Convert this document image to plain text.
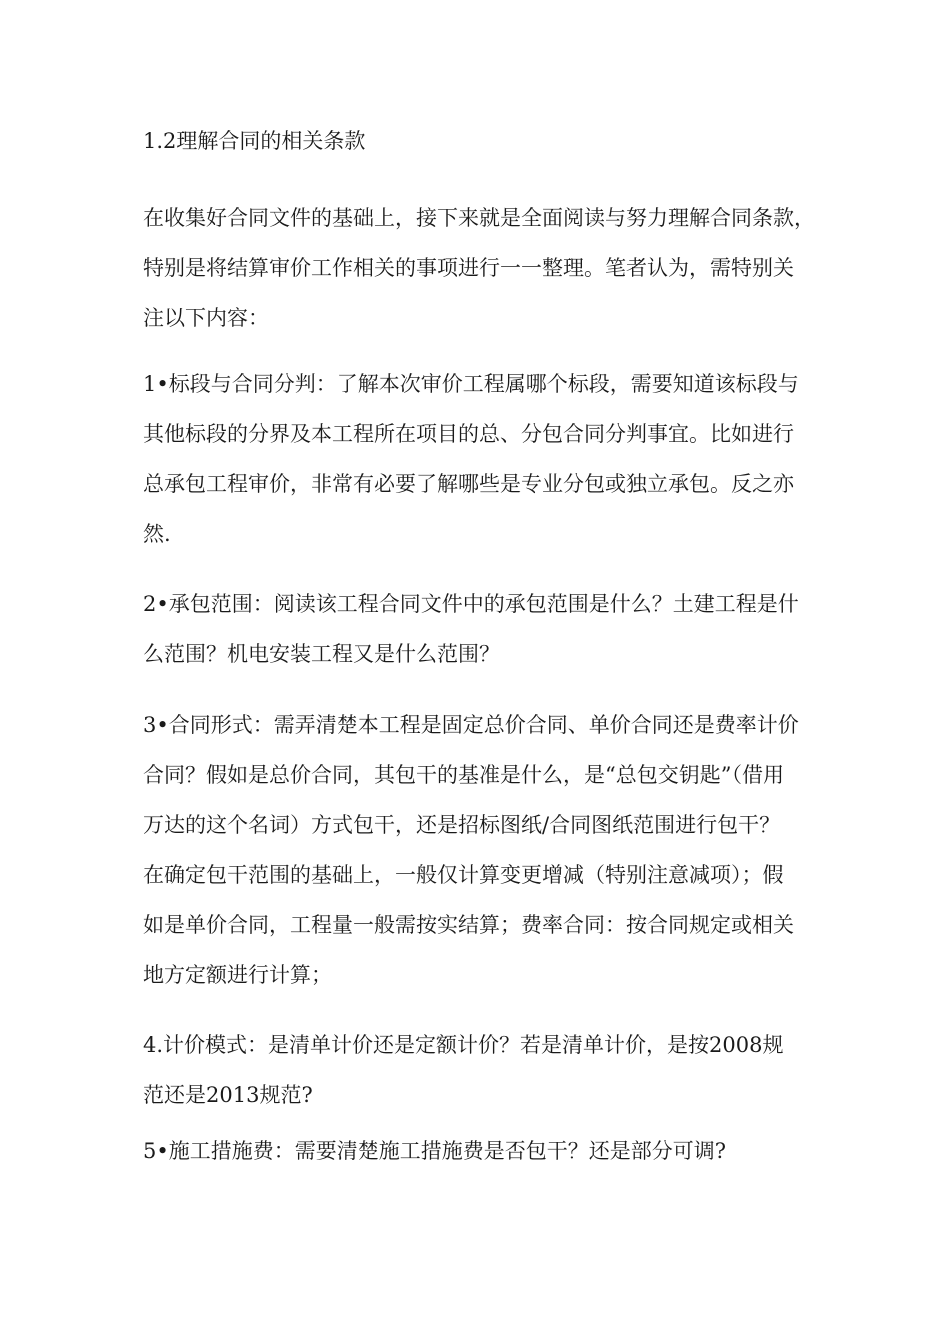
1.2理解合同的相关条款
在收集好合同文件的基础上，接下来就是全面阅读与努力理解合同条款，
特别是将结算审价工作相关的事项进行一一整理。笔者认为，需特别关
注以下内容：
1•标段与合同分判：了解本次审价工程属哪个标段，需要知道该标段与
其他标段的分界及本工程所在项目的总、分包合同分判事宜。比如进行
总承包工程审价，非常有必要了解哪些是专业分包或独立承包。反之亦
然.
2•承包范围：阅读该工程合同文件中的承包范围是什么？土建工程是什
么范围？机电安装工程又是什么范围？
3•合同形式：需弄清楚本工程是固定总价合同、单价合同还是费率计价
合同？假如是总价合同，其包干的基准是什么，是“总包交钥匙”（借用
万达的这个名词）方式包干，还是招标图纸/合同图纸范围进行包干？
在确定包干范围的基础上，一般仅计算变更增减（特别注意减项）；假
如是单价合同，工程量一般需按实结算；费率合同：按合同规定或相关
地方定额进行计算；
4.计价模式：是清单计价还是定额计价？若是清单计价，是按2008规
范还是2013规范?
5•施工措施费：需要清楚施工措施费是否包干？还是部分可调?
